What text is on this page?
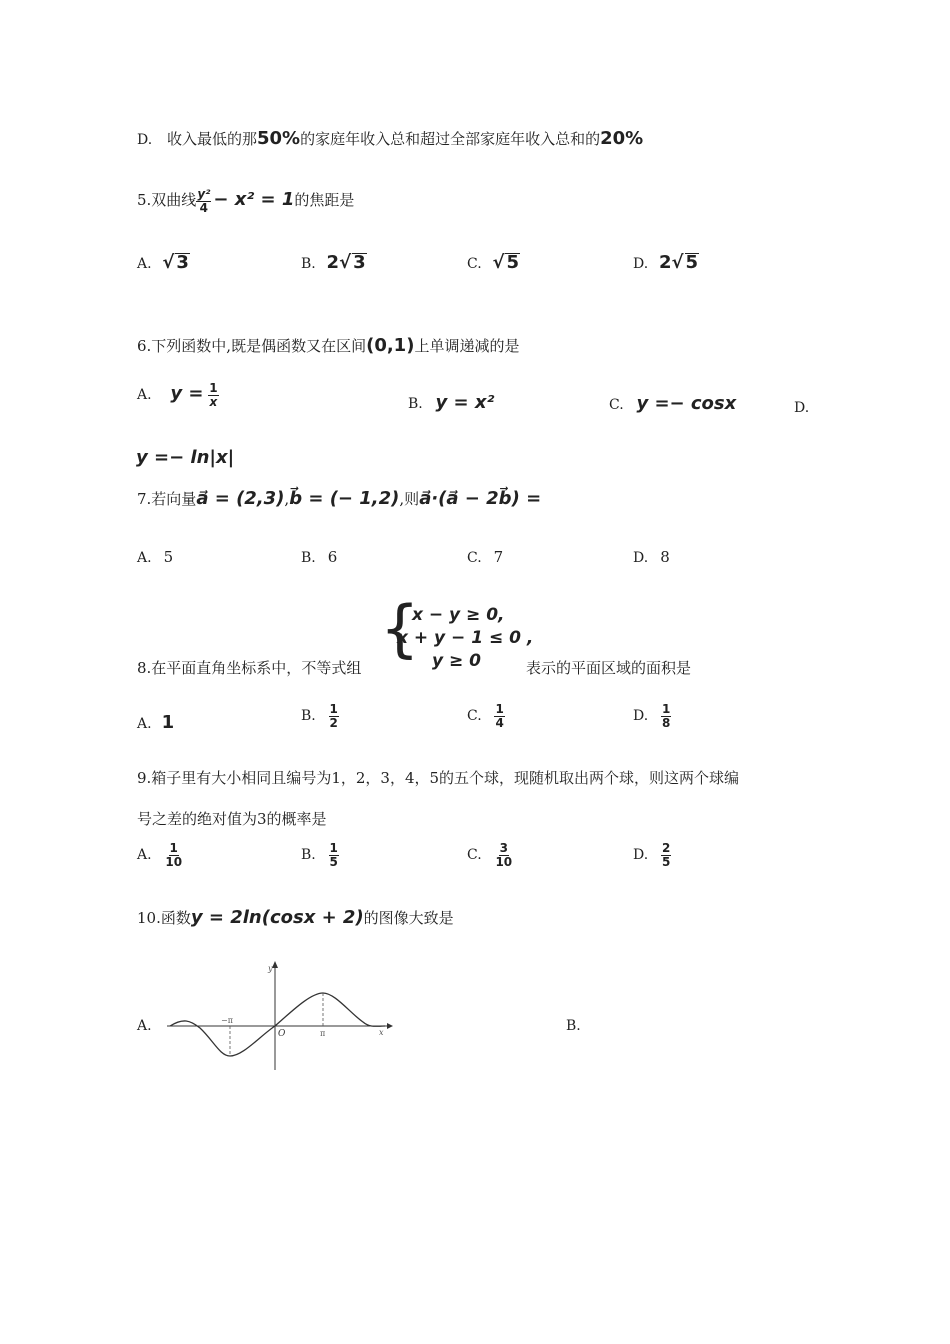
D. 收入最低的那50%的家庭年收入总和超过全部家庭年收入总和的20%
5.双曲线 $\frac{\text{y²}}{4} - x^2 = 1$的焦距是
A. √ 3	B. 2√ 3	C. √ 5	D. 2√ 5
6.下列函数中,既是偶函数又在区间(0,1)上单调递减的是
A. $y = \frac{1}{x}$	B. y = x²	C. y =− cosx	D.
y =− ln|x|
7.若向量a⃗ = (2,3),b⃗ = (− 1,2),则a⃗·(a⃗ − 2b⃗) =
A. 5	B. 6	C. 7	D. 8
8.在平面直角坐标系中，不等式组
{
x − y ≥ 0,
x + y − 1 ≤ 0 ,
y ≥ 0	表示的平面区域的面积是
A. 1	B. $\frac{1}{2}$	C. $\frac{1}{4}$	D. $\frac{1}{8}$
9.箱子里有大小相同且编号为1，2，3，4，5的五个球，现随机取出两个球，则这两个球编
号之差的绝对值为3的概率是
A. $\frac{1}{10}$	B. $\frac{1}{5}$	C. $\frac{3}{10}$	D. $\frac{2}{5}$
10.函数y = 2ln(cosx + 2)的图像大致是
A.
y
x
O
−π
π	B.
